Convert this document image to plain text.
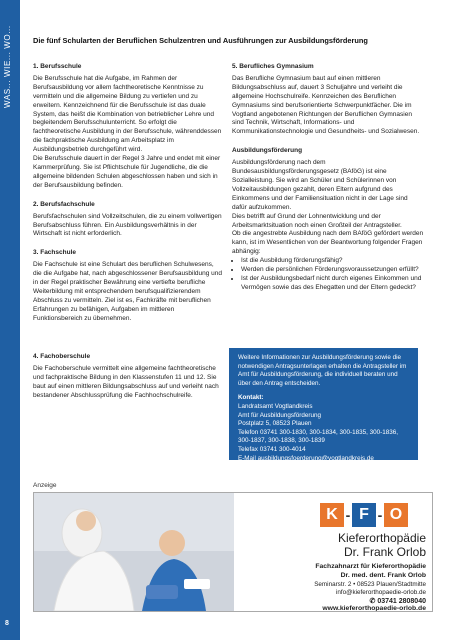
WAS... WIE... WO...
8
Die fünf Schularten der Beruflichen Schulzentren und Ausführungen zur Ausbildungsförderung

1. Berufsschule

Die Berufsschule hat die Aufgabe, im Rahmen der Berufsausbildung vor allem fachtheoretische Kenntnisse zu vermitteln und die allgemeine Bildung zu vertiefen und zu erweitern. Kennzeichnend für die Berufsschule ist das duale System, das heißt die Kombination von betrieblicher Lehre und begleitendem Berufsschulunterricht. So erfolgt die fachtheoretische Ausbildung in der Berufsschule, währenddessen die fachpraktische Ausbildung am Arbeitsplatz im Ausbildungsbetrieb durchgeführt wird.

Die Berufsschule dauert in der Regel 3 Jahre und endet mit einer Kammerprüfung. Sie ist Pflichtschule für Jugendliche, die die allgemeine bildenden Schulen abgeschlossen haben und sich in der Berufsausbildung befinden.

2. Berufsfachschule

Berufsfachschulen sind Vollzeitschulen, die zu einem vollwertigen Berufsabschluss führen. Ein Ausbildungsverhältnis in der Wirtschaft ist nicht erforderlich.

3. Fachschule

Die Fachschule ist eine Schulart des beruflichen Schulwesens, die die Aufgabe hat, nach abgeschlossener Berufsausbildung und in der Regel praktischer Bewährung eine vertiefte berufliche Weiterbildung mit entsprechendem berufsqualifizierendem Abschluss zu vermitteln. Ziel ist es, Fachkräfte mit beruflichen Erfahrungen zu befähigen, Aufgaben im mittleren Funktionsbereich zu übernehmen.

4. Fachoberschule

Die Fachoberschule vermittelt eine allgemeine fachtheoretische und fachpraktische Bildung in den Klassenstufen 11 und 12. Sie baut auf einen mittleren Bildungsabschluss auf und verleiht nach bestandener Abschlussprüfung die Fachhochschulreife.

5. Berufliches Gymnasium

Das Berufliche Gymnasium baut auf einen mittleren Bildungsabschluss auf, dauert 3 Schuljahre und verleiht die allgemeine Hochschulreife. Kennzeichen des Beruflichen Gymnasiums sind berufsorientierte Schwerpunktfächer. Die im Vogtland angebotenen Richtungen der Beruflichen Gymnasien sind Technik, Wirtschaft, Informations- und Kommunikationstechnologie und Gesundheits- und Sozialwesen.

Ausbildungsförderung

Ausbildungsförderung nach dem Bundesausbildungsförderungsgesetz (BAföG) ist eine Sozialleistung. Sie wird an Schüler und Schülerinnen von Vollzeitausbildungen gezahlt, deren Eltern aufgrund des Einkommens und der Familiensituation nicht in der Lage sind dafür aufzukommen.

Dies betrifft auf Grund der Lohnentwicklung und der Arbeitsmarktsituation noch einen Großteil der Antragsteller.

Ob die angestrebte Ausbildung nach dem BAföG gefördert werden kann, ist im Wesentlichen von der Beantwortung folgender Fragen abhängig:

• Ist die Ausbildung förderungsfähig?
• Werden die persönlichen Förderungsvoraussetzungen erfüllt?
• Ist der Ausbildungsbedarf nicht durch eigenes Einkommen und Vermögen sowie das des Ehegatten und der Eltern gedeckt?

Weitere Informationen zur Ausbildungsförderung sowie die notwendigen Antragsunterlagen erhalten die Antragsteller im Amt für Ausbildungsförderung, die individuell beraten und über den Antrag entscheiden.

Kontakt:

Landratsamt Vogtlandkreis

Amt für Ausbildungsförderung

Postplatz 5, 08523 Plauen

Telefon 03741 300-1830, 300-1834, 300-1835, 300-1836, 300-1837, 300-1838, 300-1839

Telefax 03741 300-4014

E-Mail ausbildungsfoerderung@vogtlandkreis.de

Anzeige
K - F - O
Kieferorthopädie
Dr. Frank Orlob
Fachzahnarzt für Kieferorthopädie
Dr. med. dent. Frank Orlob
Seminarstr. 2 • 08523 Plauen/Stadtmitte
info@kieferorthopaedie-orlob.de
✆ 03741 2808040
www.kieferorthopaedie-orlob.de
